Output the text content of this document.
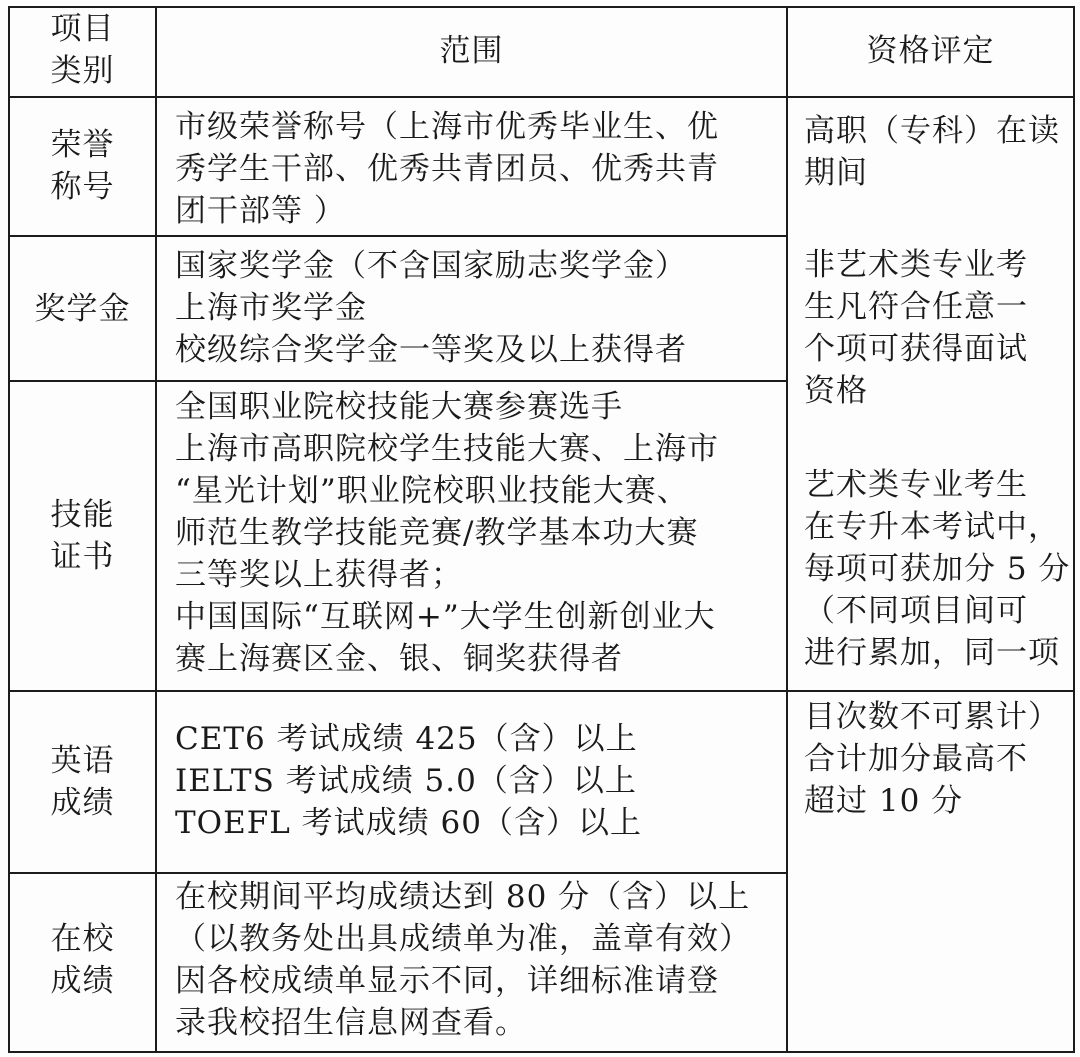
项目
类别
范围	资格评定
荣誉
称号
市级荣誉称号（上海市优秀毕业生、优
秀学生干部、优秀共青团员、优秀共青
团干部等 ）
奖学金
国家奖学金（不含国家励志奖学金）
上海市奖学金
校级综合奖学金一等奖及以上获得者
技能
证书
全国职业院校技能大赛参赛选手
上海市高职院校学生技能大赛、上海市
“星光计划”职业院校职业技能大赛、
师范生教学技能竞赛/教学基本功大赛
三等奖以上获得者；
中国国际“互联网+”大学生创新创业大
赛上海赛区金、银、铜奖获得者
英语
成绩
CET6 考试成绩 425（含）以上
IELTS 考试成绩 5.0（含）以上
TOEFL 考试成绩 60（含）以上
在校
成绩
在校期间平均成绩达到 80 分（含）以上
（以教务处出具成绩单为准，盖章有效）
因各校成绩单显示不同，详细标准请登
录我校招生信息网查看。
高职（专科）在读
期间
非艺术类专业考
生凡符合任意一
个项可获得面试
资格
艺术类专业考生
在专升本考试中，
每项可获加分 5 分
（不同项目间可
进行累加，同一项
目次数不可累计）
合计加分最高不
超过 10 分
